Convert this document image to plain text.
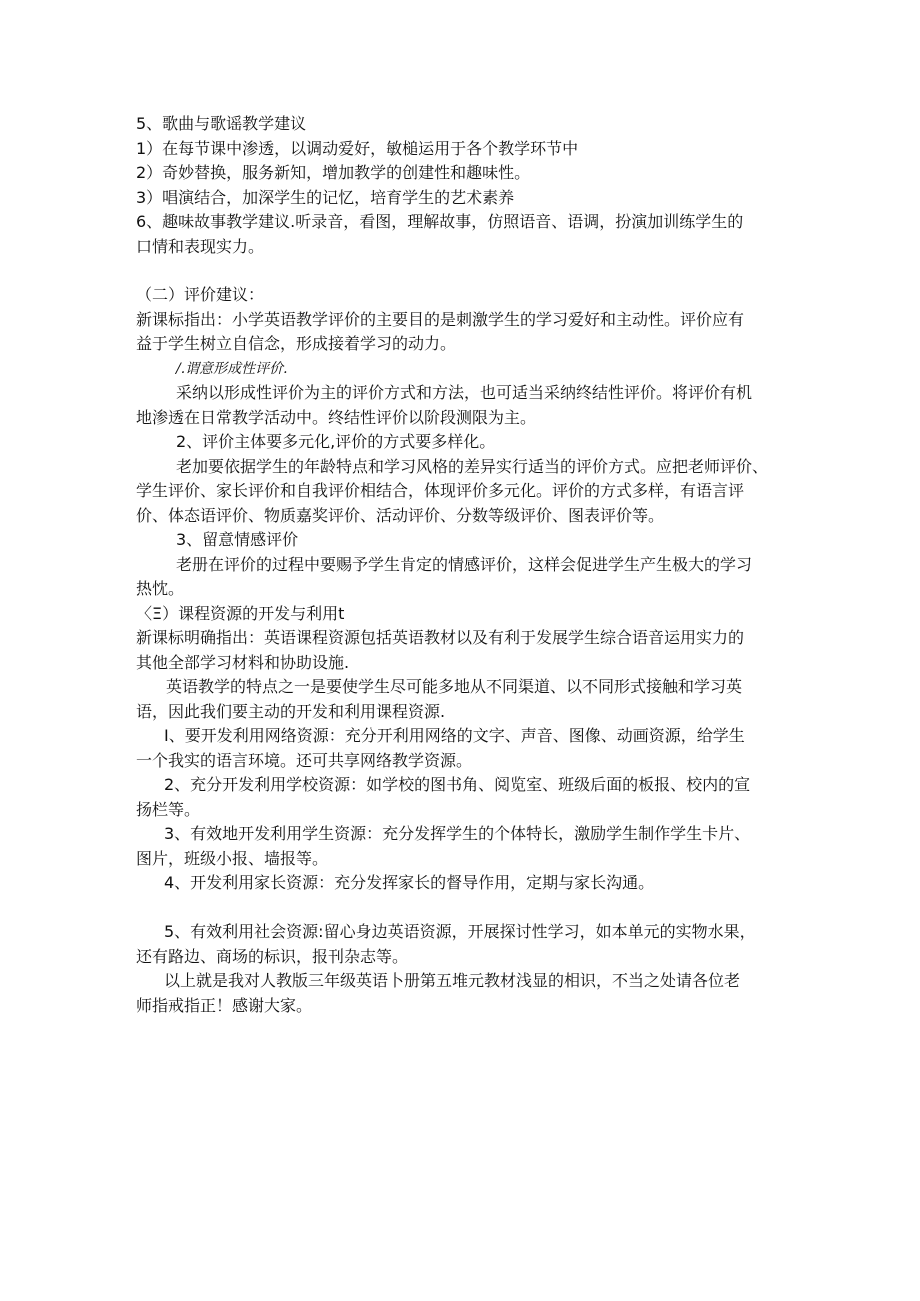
5、歌曲与歌谣教学建议
1）在每节课中渗透，以调动爱好，敏槌运用于各个教学环节中
2）奇妙替换，服务新知，增加教学的创建性和趣味性。
3）唱演结合，加深学生的记忆，培育学生的艺术素养
6、趣味故事教学建议.听录音，看图，理解故事，仿照语音、语调，扮演加训练学生的
口情和表现实力。
（二）评价建议：
新课标指出：小学英语教学评价的主要目的是刺激学生的学习爱好和主动性。评价应有
益于学生树立自信念，形成接着学习的动力。
/.谓意形成性评价.
采纳以形成性评价为主的评价方式和方法，也可适当采纳终结性评价。将评价有机
地渗透在日常教学活动中。终结性评价以阶段测限为主。
2、评价主体要多元化,评价的方式要多样化。
老加要依据学生的年龄特点和学习风格的差异实行适当的评价方式。应把老师评价、
学生评价、家长评价和自我评价相结合，体现评价多元化。评价的方式多样，有语言评
价、体态语评价、物质嘉奖评价、活动评价、分数等级评价、图表评价等。
3、留意情感评价
老册在评价的过程中要赐予学生肯定的情感评价，这样会促进学生产生极大的学习
热忱。
〈Ξ）课程资源的开发与利用t
新课标明确指出：英语课程资源包括英语教材以及有利于发展学生综合语音运用实力的
其他全部学习材料和协助设施.
英语教学的特点之一是要使学生尽可能多地从不同渠道、以不同形式接触和学习英
语，因此我们要主动的开发和利用课程资源.
I、要开发利用网络资源：充分开利用网络的文字、声音、图像、动画资源，给学生
一个我实的语言环境。还可共享网络教学资源。
2、充分开发利用学校资源：如学校的图书角、阅览室、班级后面的板报、校内的宣
扬栏等。
3、有效地开发利用学生资源：充分发挥学生的个体特长，激励学生制作学生卡片、
图片，班级小报、墙报等。
4、开发利用家长资源：充分发挥家长的督导作用，定期与家长沟通。
5、有效利用社会资源:留心身边英语资源，开展探讨性学习，如本单元的实物水果，
还有路边、商场的标识，报刊杂志等。
以上就是我对人教版三年级英语卜册第五堆元教材浅显的相识，不当之处请各位老
师指戒指正！感谢大家。
